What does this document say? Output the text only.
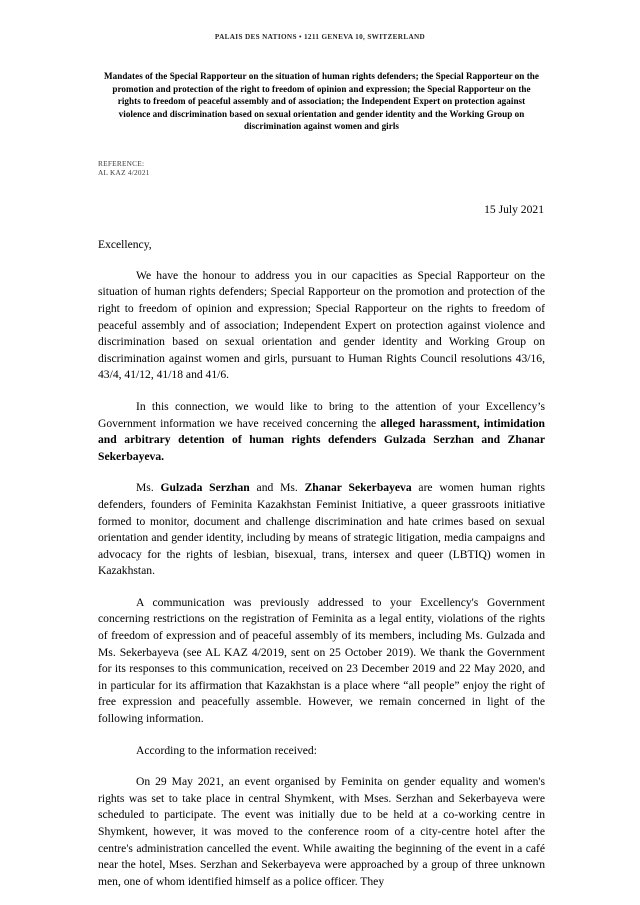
PALAIS DES NATIONS • 1211 GENEVA 10, SWITZERLAND
Mandates of the Special Rapporteur on the situation of human rights defenders; the Special Rapporteur on the promotion and protection of the right to freedom of opinion and expression; the Special Rapporteur on the rights to freedom of peaceful assembly and of association; the Independent Expert on protection against violence and discrimination based on sexual orientation and gender identity and the Working Group on discrimination against women and girls
REFERENCE:
AL KAZ 4/2021
15 July 2021
Excellency,

We have the honour to address you in our capacities as Special Rapporteur on the situation of human rights defenders; Special Rapporteur on the promotion and protection of the right to freedom of opinion and expression; Special Rapporteur on the rights to freedom of peaceful assembly and of association; Independent Expert on protection against violence and discrimination based on sexual orientation and gender identity and Working Group on discrimination against women and girls, pursuant to Human Rights Council resolutions 43/16, 43/4, 41/12, 41/18 and 41/6.

In this connection, we would like to bring to the attention of your Excellency’s Government information we have received concerning the alleged harassment, intimidation and arbitrary detention of human rights defenders Gulzada Serzhan and Zhanar Sekerbayeva.

Ms. Gulzada Serzhan and Ms. Zhanar Sekerbayeva are women human rights defenders, founders of Feminita Kazakhstan Feminist Initiative, a queer grassroots initiative formed to monitor, document and challenge discrimination and hate crimes based on sexual orientation and gender identity, including by means of strategic litigation, media campaigns and advocacy for the rights of lesbian, bisexual, trans, intersex and queer (LBTIQ) women in Kazakhstan.

A communication was previously addressed to your Excellency's Government concerning restrictions on the registration of Feminita as a legal entity, violations of the rights of freedom of expression and of peaceful assembly of its members, including Ms. Gulzada and Ms. Sekerbayeva (see AL KAZ 4/2019, sent on 25 October 2019). We thank the Government for its responses to this communication, received on 23 December 2019 and 22 May 2020, and in particular for its affirmation that Kazakhstan is a place where “all people” enjoy the right of free expression and peacefully assemble. However, we remain concerned in light of the following information.

According to the information received:

On 29 May 2021, an event organised by Feminita on gender equality and women's rights was set to take place in central Shymkent, with Mses. Serzhan and Sekerbayeva were scheduled to participate. The event was initially due to be held at a co-working centre in Shymkent, however, it was moved to the conference room of a city-centre hotel after the centre's administration cancelled the event. While awaiting the beginning of the event in a café near the hotel, Mses. Serzhan and Sekerbayeva were approached by a group of three unknown men, one of whom identified himself as a police officer. They
